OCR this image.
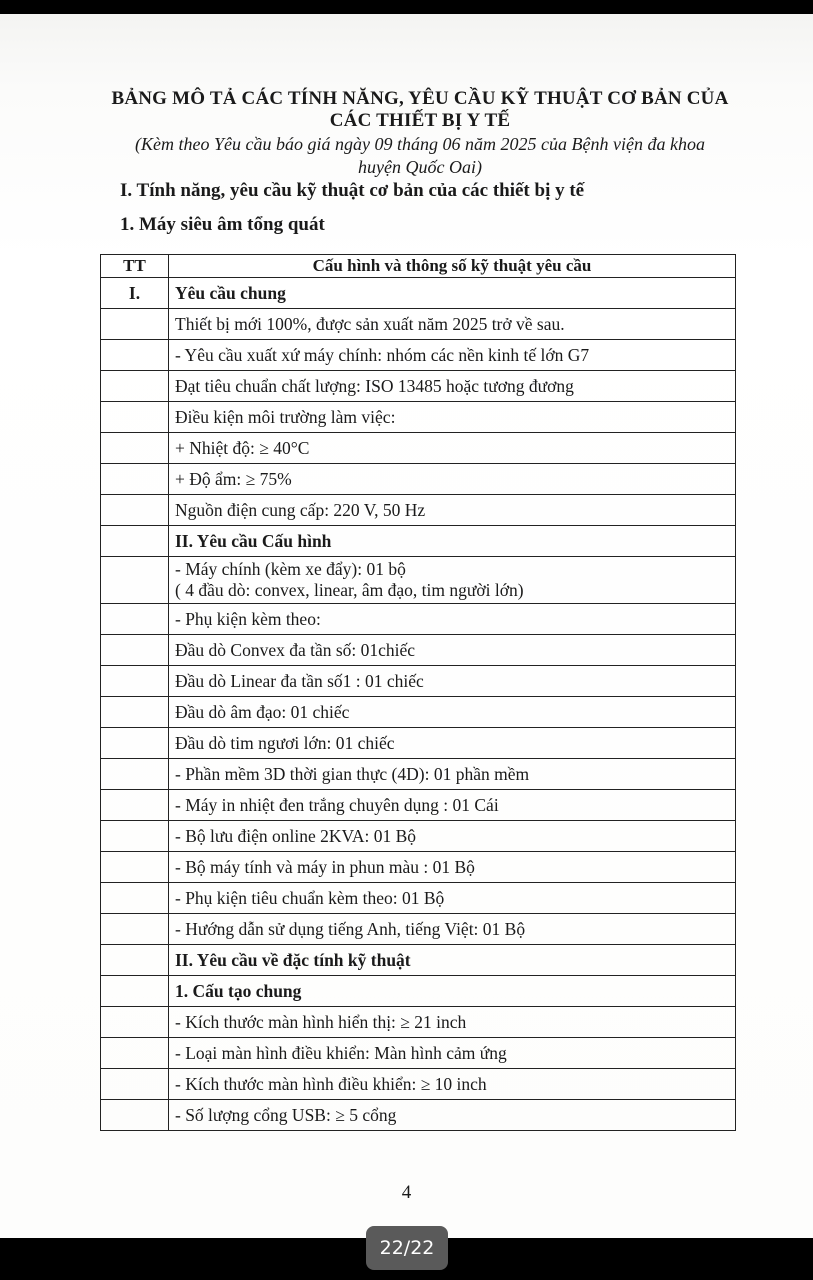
BẢNG MÔ TẢ CÁC TÍNH NĂNG, YÊU CẦU KỸ THUẬT CƠ BẢN CỦA
CÁC THIẾT BỊ Y TẾ
(Kèm theo Yêu cầu báo giá ngày 09 tháng 06 năm 2025 của Bệnh viện đa khoa
huyện Quốc Oai)
I. Tính năng, yêu cầu kỹ thuật cơ bản của các thiết bị y tế
1. Máy siêu âm tổng quát
TT	Cấu hình và thông số kỹ thuật yêu cầu
I.	Yêu cầu chung
	Thiết bị mới 100%, được sản xuất năm 2025 trở về sau.
	- Yêu cầu xuất xứ máy chính: nhóm các nền kinh tế lớn G7
	Đạt tiêu chuẩn chất lượng: ISO 13485 hoặc tương đương
	Điều kiện môi trường làm việc:
	+ Nhiệt độ: ≥ 40°C
	+ Độ ẩm: ≥ 75%
	Nguồn điện cung cấp: 220 V, 50 Hz
	II. Yêu cầu Cấu hình

	- Máy chính (kèm xe đẩy): 01 bộ
( 4 đầu dò: convex, linear, âm đạo, tim người lớn)

	- Phụ kiện kèm theo:
	Đầu dò Convex đa tần số: 01chiếc
	Đầu dò Linear đa tần số1 : 01 chiếc
	Đầu dò âm đạo: 01 chiếc
	Đầu dò tim ngươi lớn: 01 chiếc
	- Phần mềm 3D thời gian thực (4D): 01 phần mềm
	- Máy in nhiệt đen trắng chuyên dụng : 01 Cái
	- Bộ lưu điện online 2KVA: 01 Bộ
	- Bộ máy tính và máy in phun màu : 01 Bộ
	- Phụ kiện tiêu chuẩn kèm theo: 01 Bộ
	- Hướng dẫn sử dụng tiếng Anh, tiếng Việt: 01 Bộ
	II. Yêu cầu về đặc tính kỹ thuật
	1. Cấu tạo chung
	- Kích thước màn hình hiển thị: ≥ 21 inch
	- Loại màn hình điều khiển: Màn hình cảm ứng
	- Kích thước màn hình điều khiển: ≥ 10 inch
	- Số lượng cổng USB: ≥ 5 cổng
4
22/22
